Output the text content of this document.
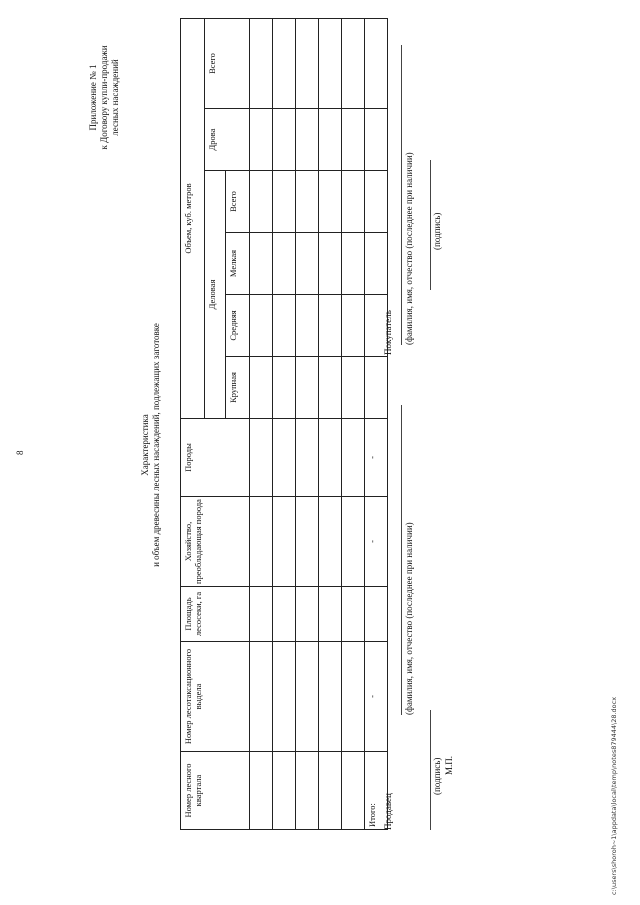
8
Приложение № 1 к Договору купли-продажи лесных насаждений
Характеристика и объем древесины лесных насаждений, подлежащих заготовке
Номер лесного квартала	Номер лесотаксационного выдела	Площадь лесосеки, га	Хозяйство, преобладающая порода	Породы	Объем, куб. метров					
					Деловая				Дрова	Всего
					Крупная	Средняя	Мелкая	Всего		

Итого:	-		-	-						
Продавец
(фамилия, имя, отчество (последнее при наличии)
(подпись) М.П.
Покупатель (фамилия, имя, отчество (последнее при наличии) (подпись)
c:\users\shoroh~1\appdata\local\temp\notes879444\28.docx
